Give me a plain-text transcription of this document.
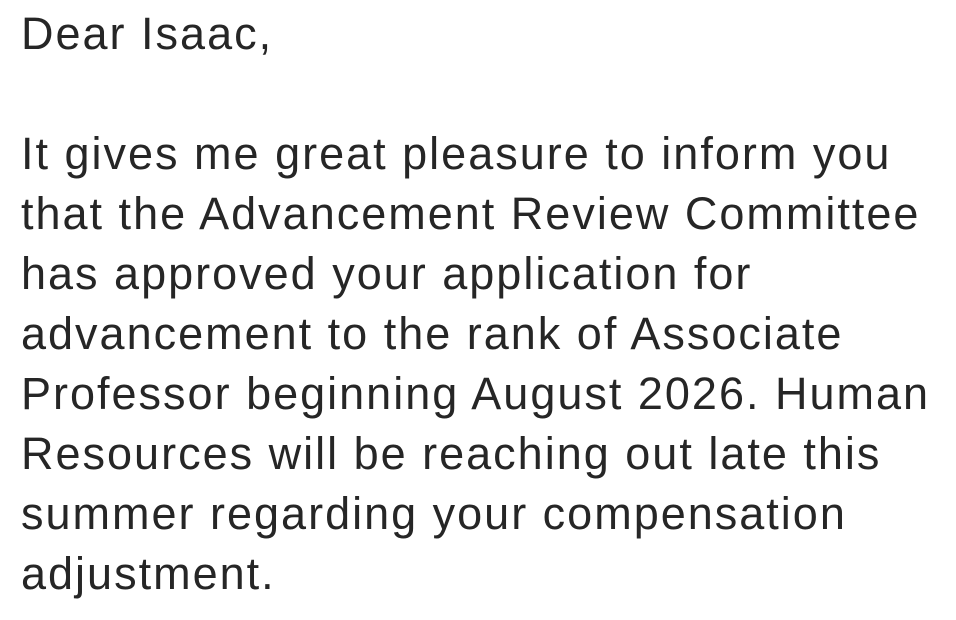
Dear Isaac,

It gives me great pleasure to inform you

that the Advancement Review Committee

has approved your application for

advancement to the rank of Associate

Professor beginning August 2026. Human

Resources will be reaching out late this

summer regarding your compensation

adjustment.
